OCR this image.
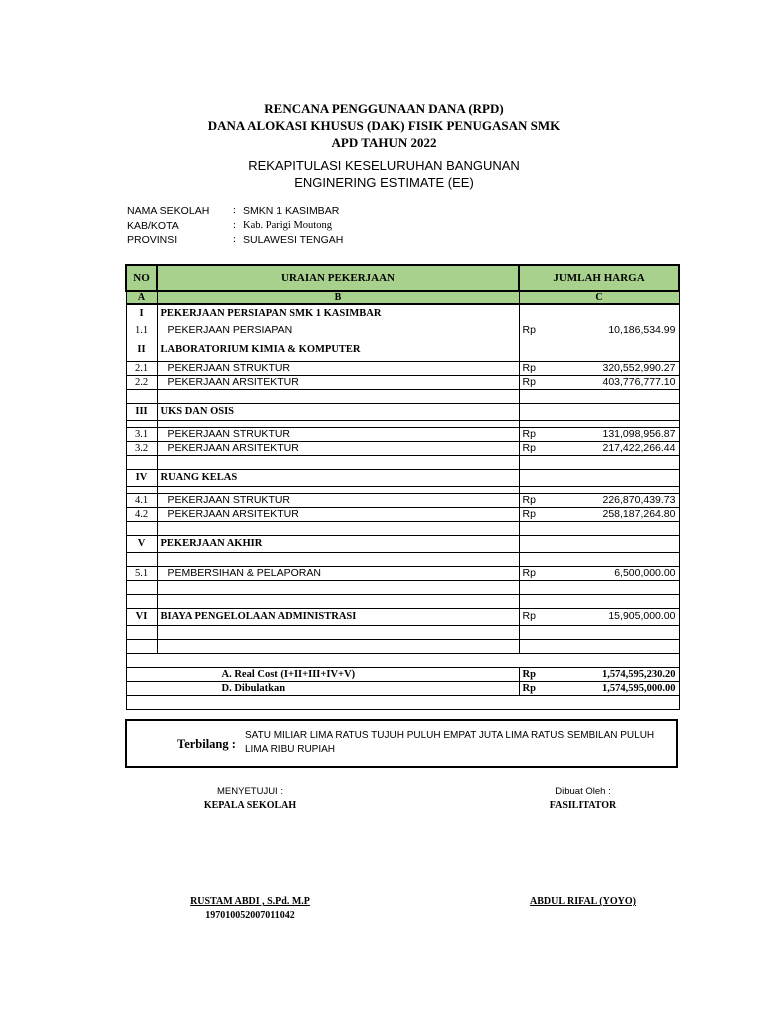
RENCANA PENGGUNAAN DANA (RPD)
DANA ALOKASI KHUSUS (DAK) FISIK PENUGASAN SMK
APD TAHUN 2022
REKAPITULASI KESELURUHAN BANGUNAN
ENGINERING ESTIMATE (EE)
NAMA SEKOLAH	: SMKN 1 KASIMBAR
KAB/KOTA	: Kab. Parigi Moutong
PROVINSI	: SULAWESI TENGAH
NO	URAIAN PEKERJAAN	JUMLAH HARGA
A	B	C
I	PEKERJAAN PERSIAPAN SMK 1 KASIMBAR	
1.1	PEKERJAAN PERSIAPAN	Rp 10,186,534.99

II	LABORATORIUM KIMIA & KOMPUTER	
2.1	PEKERJAAN STRUKTUR	Rp 320,552,990.27

2.2	PEKERJAAN ARSITEKTUR	Rp 403,776,777.10

III	UKS DAN OSIS	

3.1	PEKERJAAN STRUKTUR	Rp 131,098,956.87

3.2	PEKERJAAN ARSITEKTUR	Rp 217,422,266.44

IV	RUANG KELAS	

4.1	PEKERJAAN STRUKTUR	Rp 226,870,439.73

4.2	PEKERJAAN ARSITEKTUR	Rp 258,187,264.80

V	PEKERJAAN AKHIR	

5.1	PEMBERSIHAN & PELAPORAN	Rp 6,500,000.00

VI	BIAYA PENGELOLAAN ADMINISTRASI	Rp 15,905,000.00

A. Real Cost (I+II+III+IV+V)		Rp 1,574,595,230.20

D. Dibulatkan		Rp 1,574,595,000.00

Terbilang :
SATU MILIAR LIMA RATUS TUJUH PULUH EMPAT JUTA LIMA RATUS SEMBILAN PULUH LIMA RIBU RUPIAH
MENYETUJUI :
KEPALA SEKOLAH
RUSTAM ABDI , S.Pd. M.P
197010052007011042
Dibuat Oleh :
FASILITATOR
ABDUL RIFAL (YOYO)
